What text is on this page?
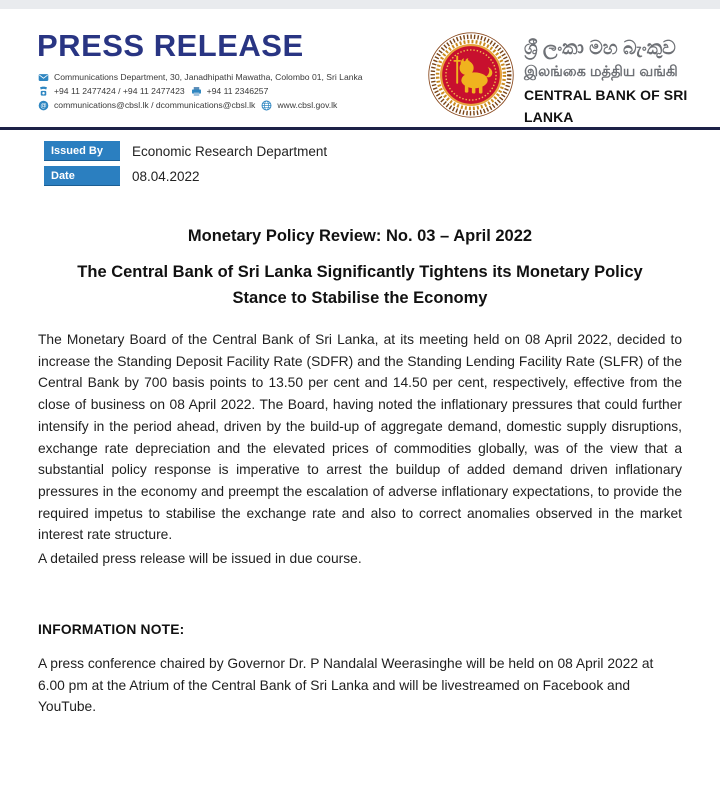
PRESS RELEASE
Communications Department, 30, Janadhipathi Mawatha, Colombo 01, Sri Lanka
+94 11 2477424 / +94 11 2477423	+94 11 2346257
@ communications@cbsl.lk / dcommunications@cbsl.lk	www.cbsl.gov.lk
ශ්‍රී ලංකා මහ බැංකුව
இலங்கை மத்திய வங்கி
CENTRAL BANK OF SRI LANKA
Issued By	Economic Research Department
Date	08.04.2022
Monetary Policy Review: No. 03 – April 2022
The Central Bank of Sri Lanka Significantly Tightens its Monetary Policy Stance to Stabilise the Economy
The Monetary Board of the Central Bank of Sri Lanka, at its meeting held on 08 April 2022, decided to increase the Standing Deposit Facility Rate (SDFR) and the Standing Lending Facility Rate (SLFR) of the Central Bank by 700 basis points to 13.50 per cent and 14.50 per cent, respectively, effective from the close of business on 08 April 2022. The Board, having noted the inflationary pressures that could further intensify in the period ahead, driven by the build-up of aggregate demand, domestic supply disruptions, exchange rate depreciation and the elevated prices of commodities globally, was of the view that a substantial policy response is imperative to arrest the buildup of added demand driven inflationary pressures in the economy and preempt the escalation of adverse inflationary expectations, to provide the required impetus to stabilise the exchange rate and also to correct anomalies observed in the market interest rate structure.
A detailed press release will be issued in due course.
INFORMATION NOTE:
A press conference chaired by Governor Dr. P Nandalal Weerasinghe will be held on 08 April 2022 at 6.00 pm at the Atrium of the Central Bank of Sri Lanka and will be livestreamed on Facebook and YouTube.
